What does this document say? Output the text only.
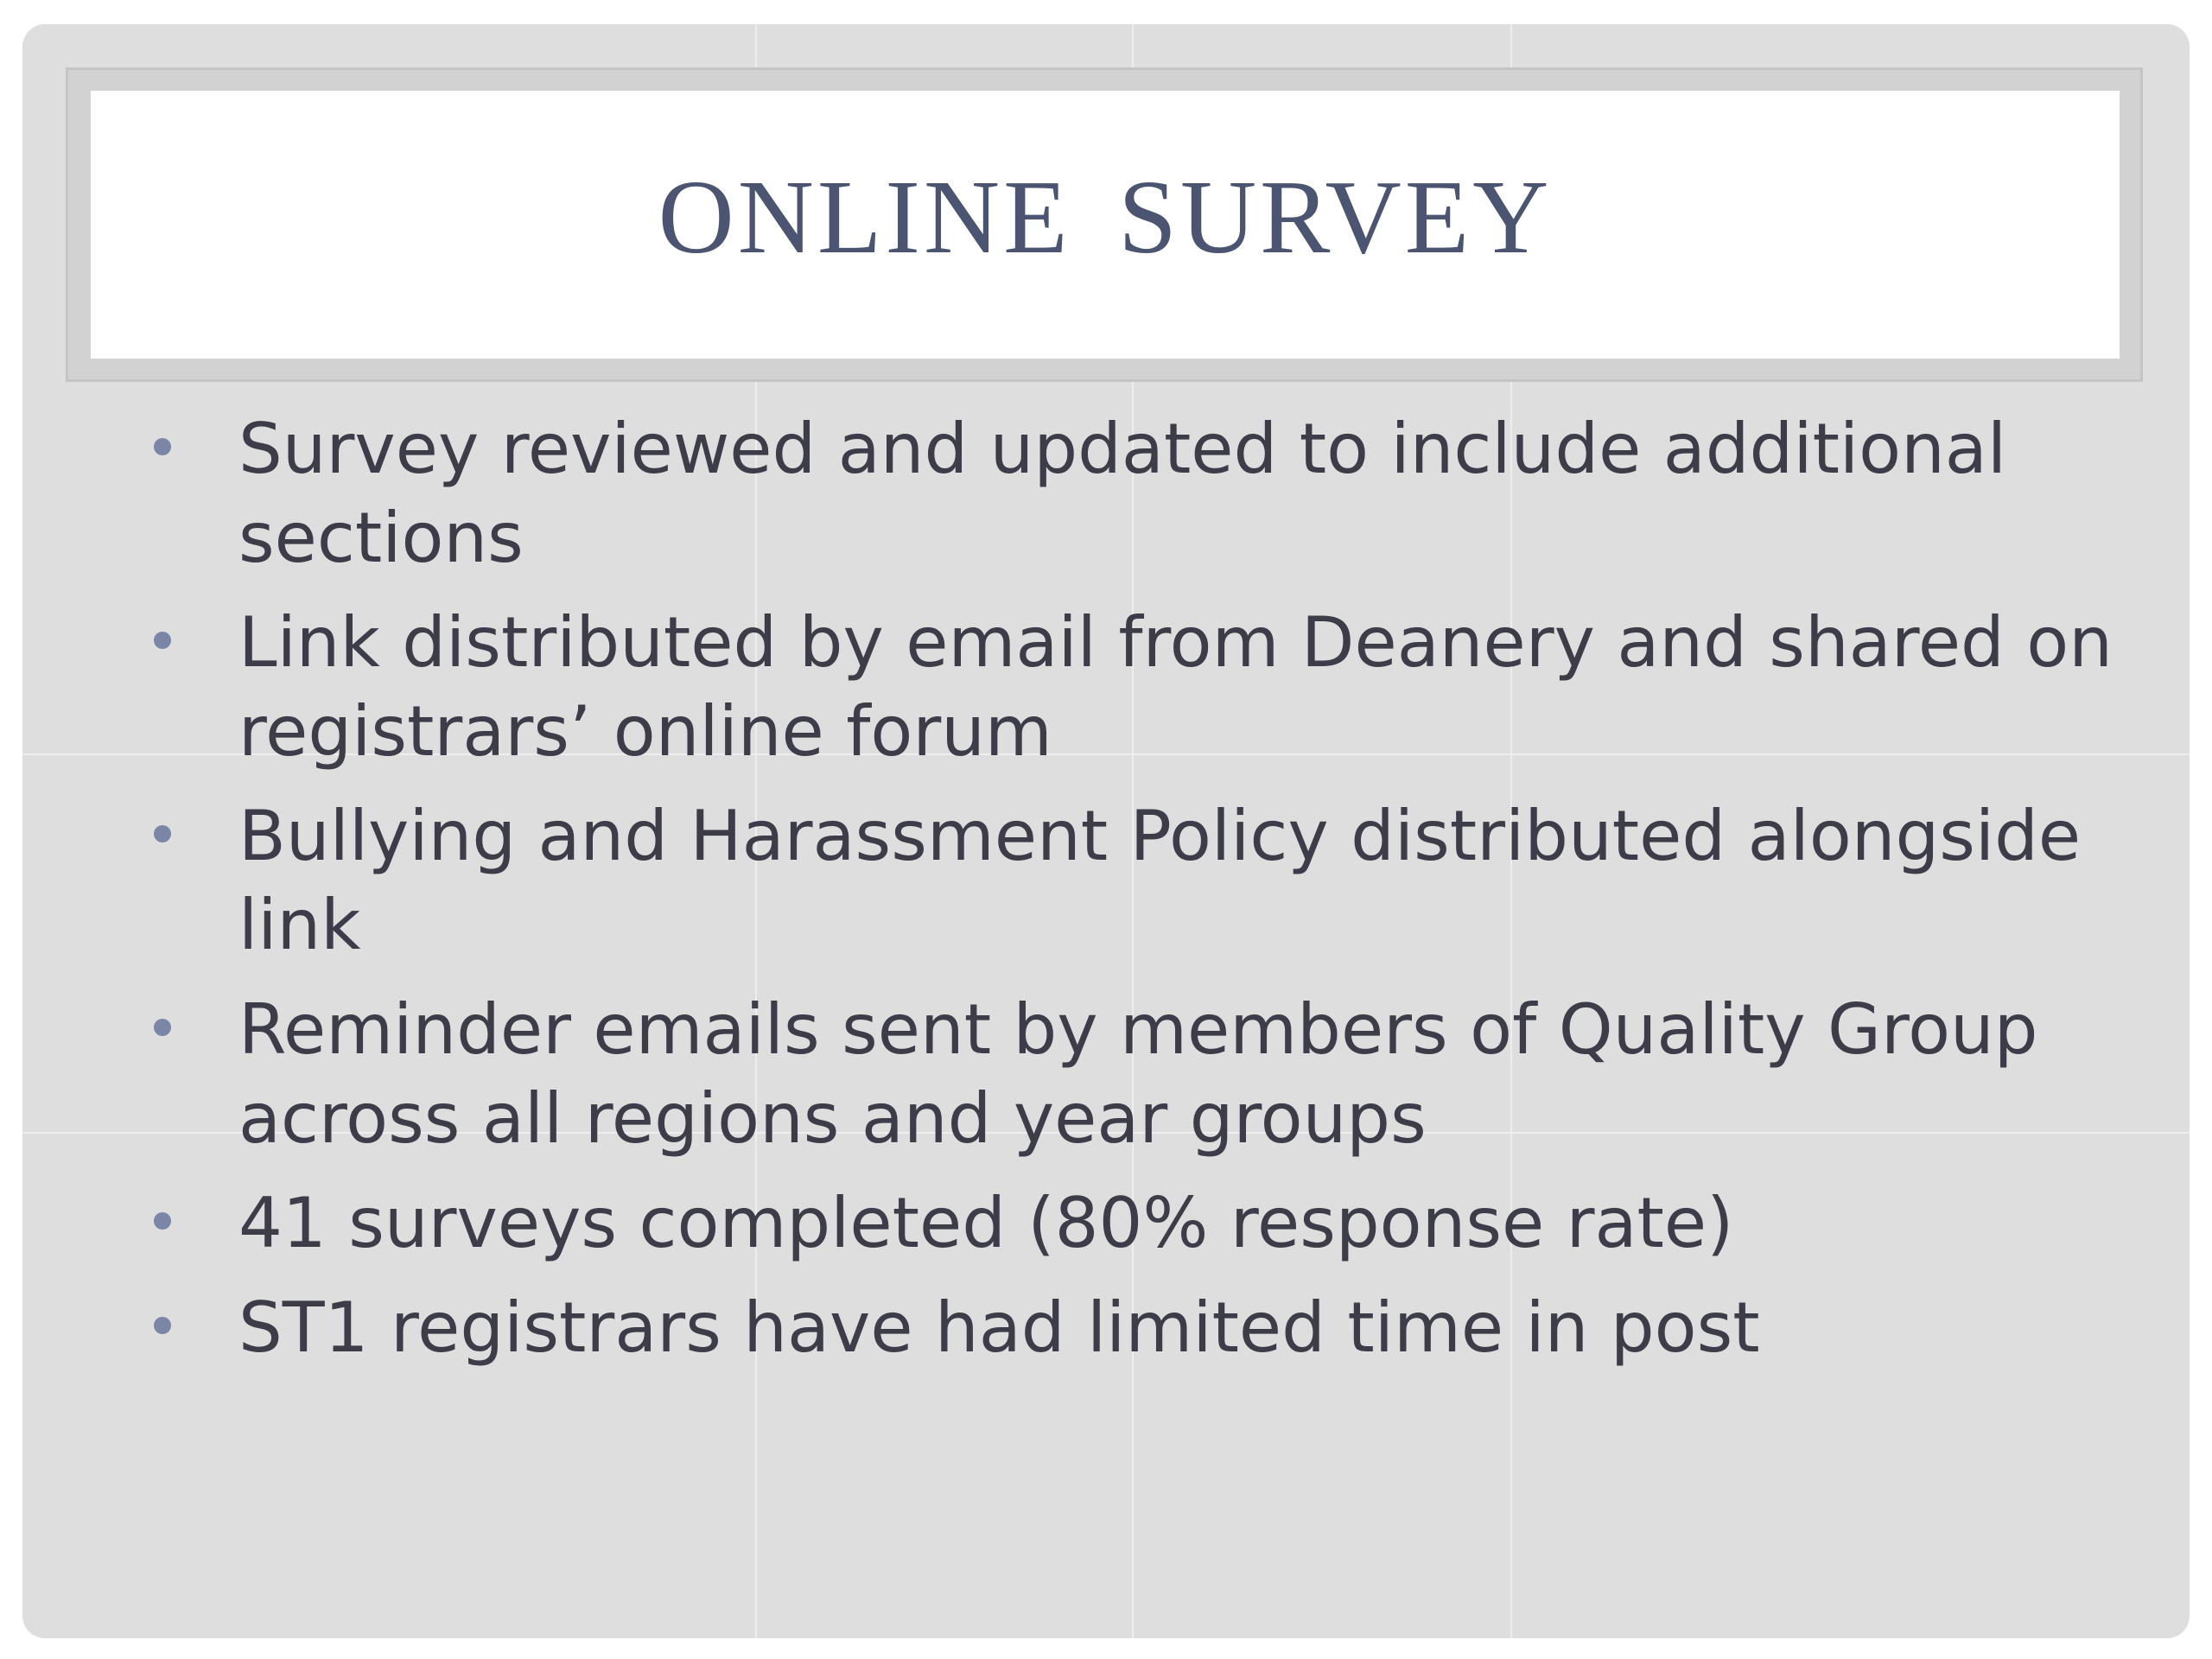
ONLINE SURVEY
Survey reviewed and updated to include additional sections
Link distributed by email from Deanery and shared on registrars’ online forum
Bullying and Harassment Policy distributed alongside link
Reminder emails sent by members of Quality Group across all regions and year groups
41 surveys completed (80% response rate)
ST1 registrars have had limited time in post
